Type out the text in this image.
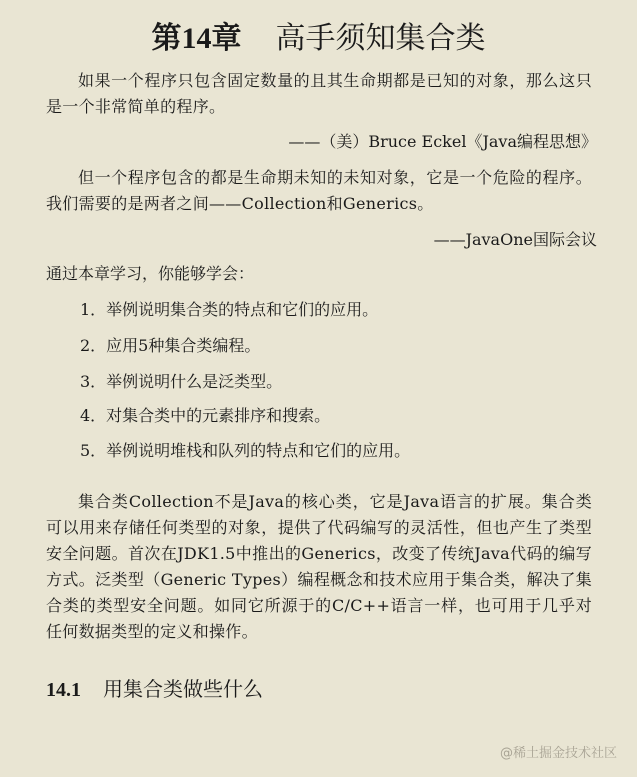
第14章 高手须知集合类
如果一个程序只包含固定数量的且其生命期都是已知的对象，那么这只是一个非常简单的程序。
——（美）Bruce Eckel《Java编程思想》
但一个程序包含的都是生命期未知的未知对象，它是一个危险的程序。我们需要的是两者之间——Collection和Generics。
——JavaOne国际会议
通过本章学习，你能够学会：
1．举例说明集合类的特点和它们的应用。
2．应用5种集合类编程。
3．举例说明什么是泛类型。
4．对集合类中的元素排序和搜索。
5．举例说明堆栈和队列的特点和它们的应用。
集合类Collection不是Java的核心类，它是Java语言的扩展。集合类可以用来存储任何类型的对象，提供了代码编写的灵活性，但也产生了类型安全问题。首次在JDK1.5中推出的Generics，改变了传统Java代码的编写方式。泛类型（Generic Types）编程概念和技术应用于集合类，解决了集合类的类型安全问题。如同它所源于的C/C++语言一样，也可用于几乎对任何数据类型的定义和操作。
14.1 用集合类做些什么
@稀土掘金技术社区
